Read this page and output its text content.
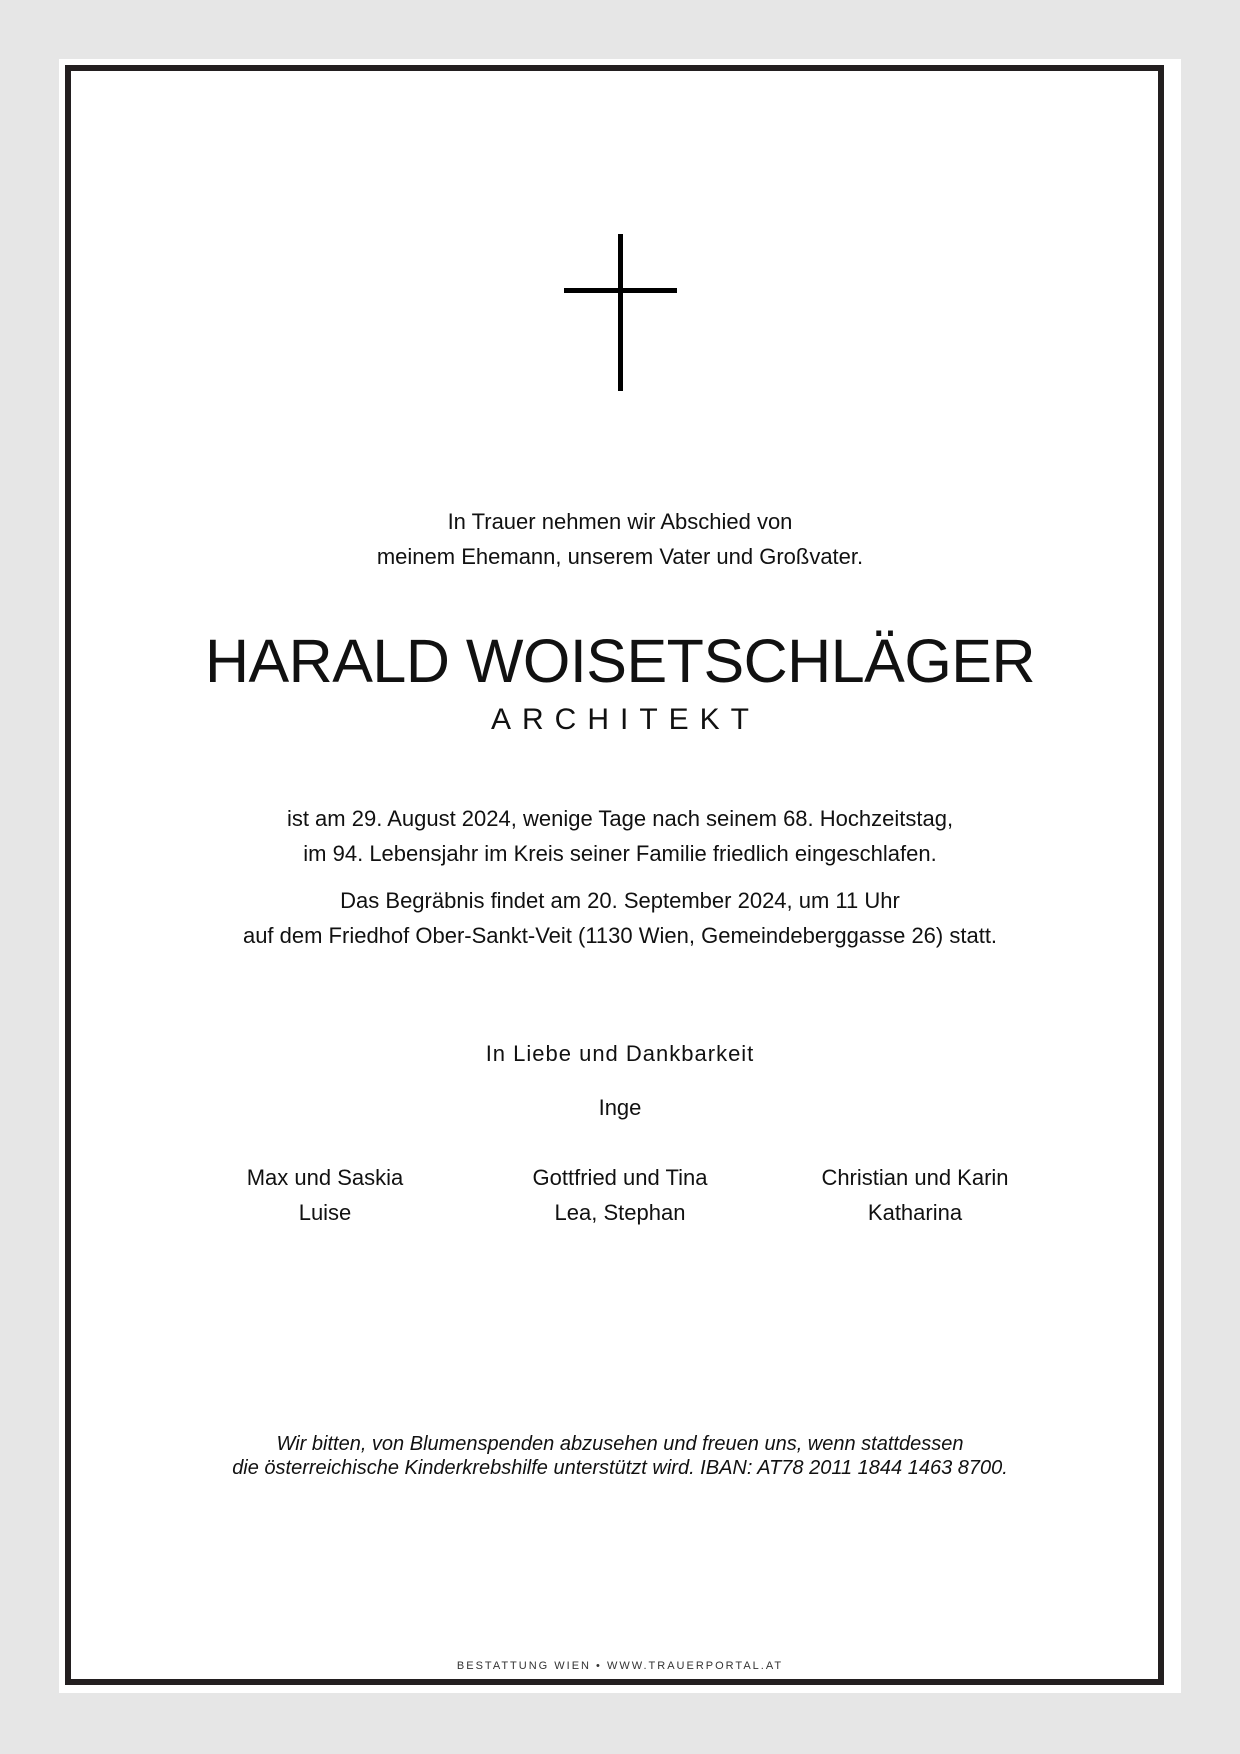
In Trauer nehmen wir Abschied von
meinem Ehemann, unserem Vater und Großvater.
HARALD WOISETSCHLÄGER
ARCHITEKT
ist am 29. August 2024, wenige Tage nach seinem 68. Hochzeitstag,
im 94. Lebensjahr im Kreis seiner Familie friedlich eingeschlafen.
Das Begräbnis findet am 20. September 2024, um 11 Uhr
auf dem Friedhof Ober-Sankt-Veit (1130 Wien, Gemeindeberggasse 26) statt.
In Liebe und Dankbarkeit
Inge
Max und Saskia
Luise
Gottfried und Tina
Lea, Stephan
Christian und Karin
Katharina
Wir bitten, von Blumenspenden abzusehen und freuen uns, wenn stattdessen
die österreichische Kinderkrebshilfe unterstützt wird. IBAN: AT78 2011 1844 1463 8700.
BESTATTUNG WIEN • WWW.TRAUERPORTAL.AT
